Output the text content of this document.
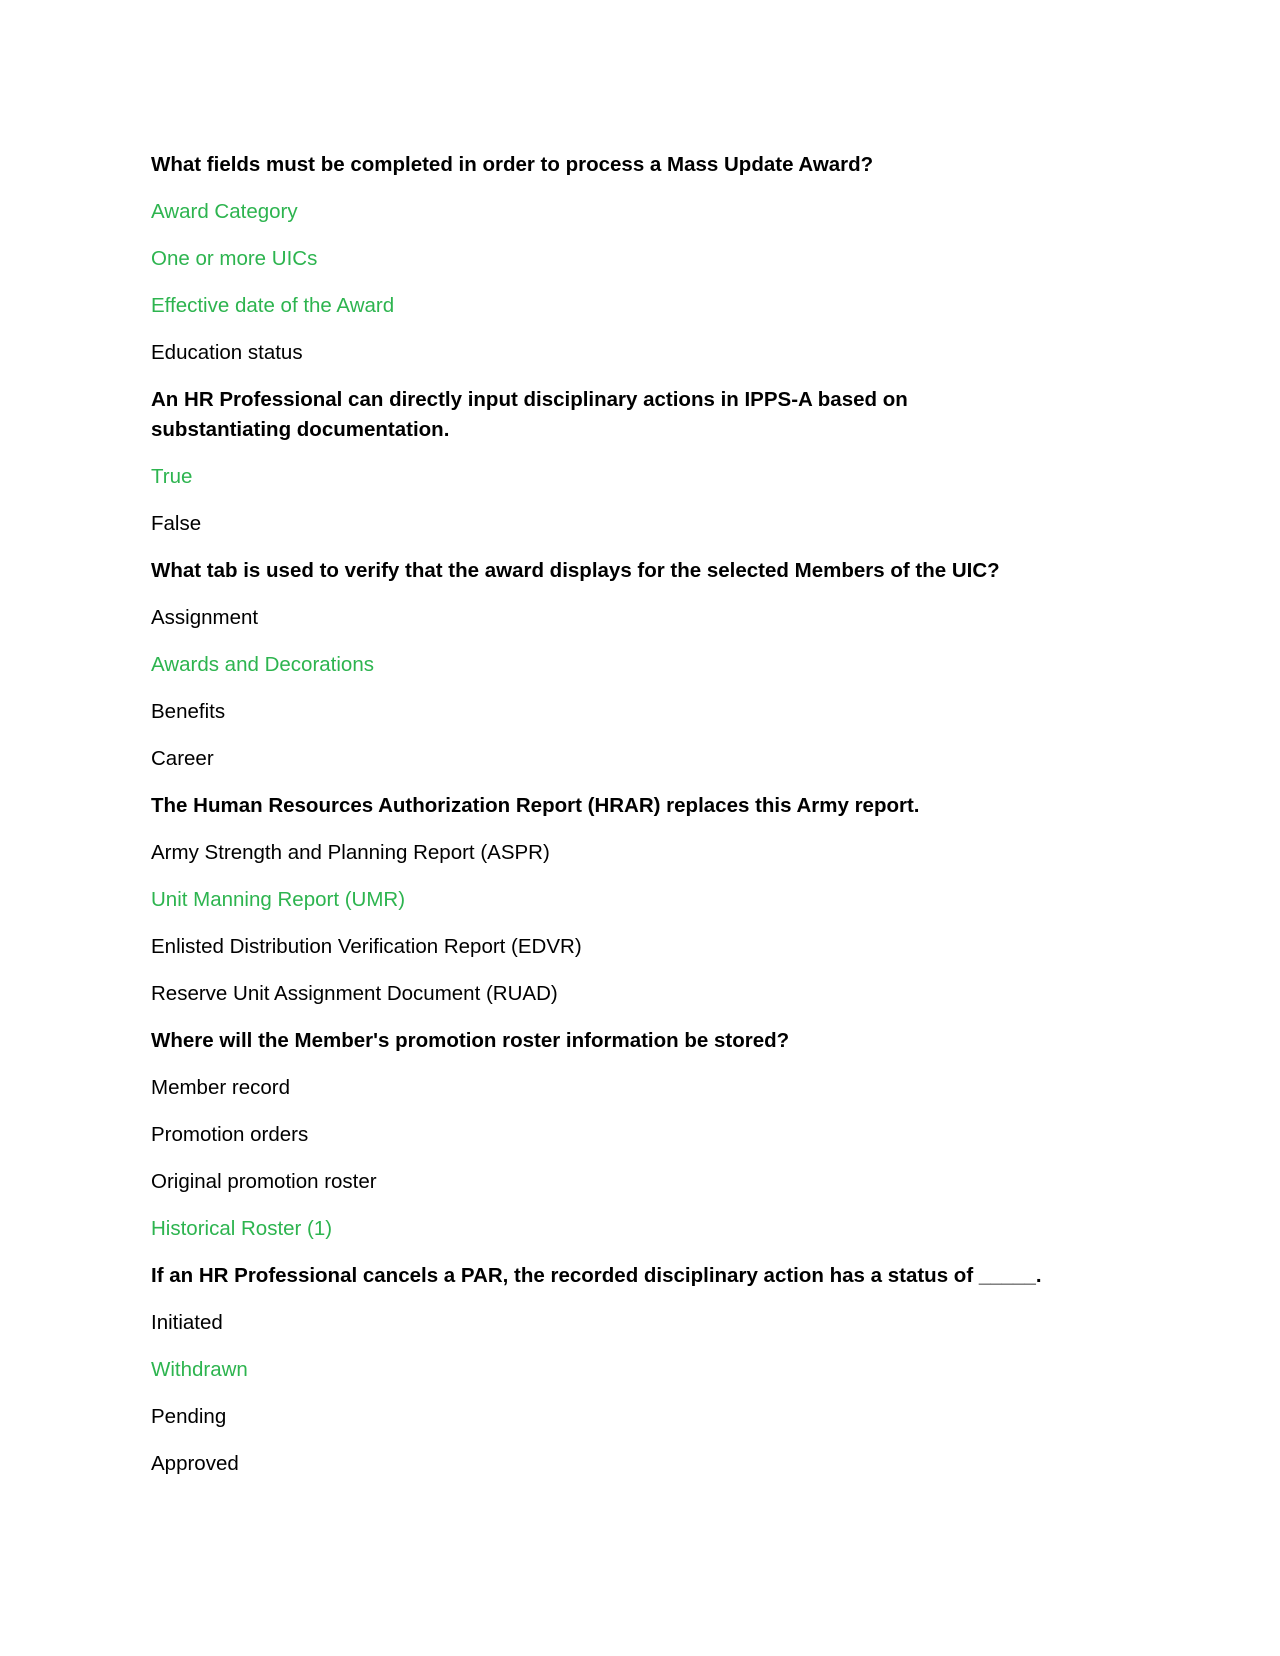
What fields must be completed in order to process a Mass Update Award?
Award Category
One or more UICs
Effective date of the Award
Education status
An HR Professional can directly input disciplinary actions in IPPS-A based on substantiating documentation.
True
False
What tab is used to verify that the award displays for the selected Members of the UIC?
Assignment
Awards and Decorations
Benefits
Career
The Human Resources Authorization Report (HRAR) replaces this Army report.
Army Strength and Planning Report (ASPR)
Unit Manning Report (UMR)
Enlisted Distribution Verification Report (EDVR)
Reserve Unit Assignment Document (RUAD)
Where will the Member's promotion roster information be stored?
Member record
Promotion orders
Original promotion roster
Historical Roster (1)
If an HR Professional cancels a PAR, the recorded disciplinary action has a status of _____.
Initiated
Withdrawn
Pending
Approved
